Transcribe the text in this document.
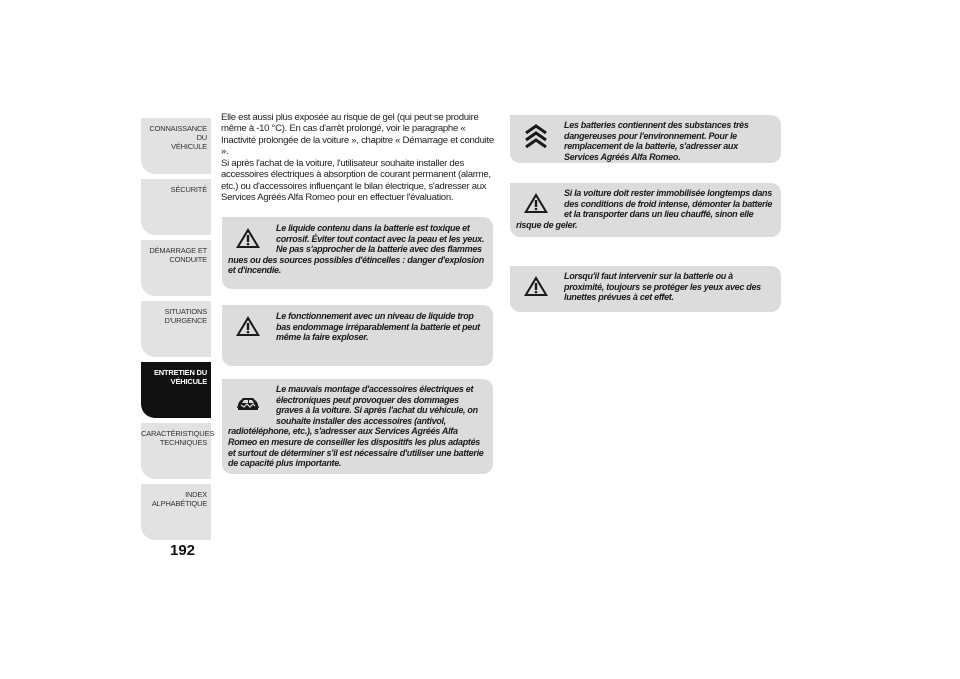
CONNAISSANCE DU
VÉHICULE
SÉCURITÉ
DÉMARRAGE ET
CONDUITE
SITUATIONS
D'URGENCE
ENTRETIEN DU
VÉHICULE
CARACTÉRISTIQUES
TECHNIQUES
INDEX
ALPHABÉTIQUE
192

Elle est aussi plus exposée au risque de gel (qui peut se produire même à -10 °C). En cas d'arrêt prolongé, voir le paragraphe « Inactivité prolongée de la voiture », chapitre « Démarrage et conduite ».

Si après l'achat de la voiture, l'utilisateur souhaite installer des accessoires électriques à absorption de courant permanent (alarme, etc.) ou d'accessoires influençant le bilan électrique, s'adresser aux Services Agréés Alfa Romeo pour en effectuer l'évaluation.

Le liquide contenu dans la batterie est toxique et corrosif. Éviter tout contact avec la peau et les yeux. Ne pas s'approcher de la batterie avec des flammes nues ou des sources possibles d'étincelles : danger d'explosion et d'incendie.

Le fonctionnement avec un niveau de liquide trop bas endommage irréparablement la batterie et peut même la faire exploser.

Le mauvais montage d'accessoires électriques et électroniques peut provoquer des dommages graves à la voiture. Si après l'achat du véhicule, on souhaite installer des accessoires (antivol, radiotéléphone, etc.), s'adresser aux Services Agréés Alfa Romeo en mesure de conseiller les dispositifs les plus adaptés et surtout de déterminer s'il est nécessaire d'utiliser une batterie de capacité plus importante.

Les batteries contiennent des substances très dangereuses pour l'environnement. Pour le remplacement de la batterie, s'adresser aux Services Agréés Alfa Romeo.

Si la voiture doit rester immobilisée longtemps dans des conditions de froid intense, démonter la batterie et la transporter dans un lieu chauffé, sinon elle risque de geler.

Lorsqu'il faut intervenir sur la batterie ou à proximité, toujours se protéger les yeux avec des lunettes prévues à cet effet.
